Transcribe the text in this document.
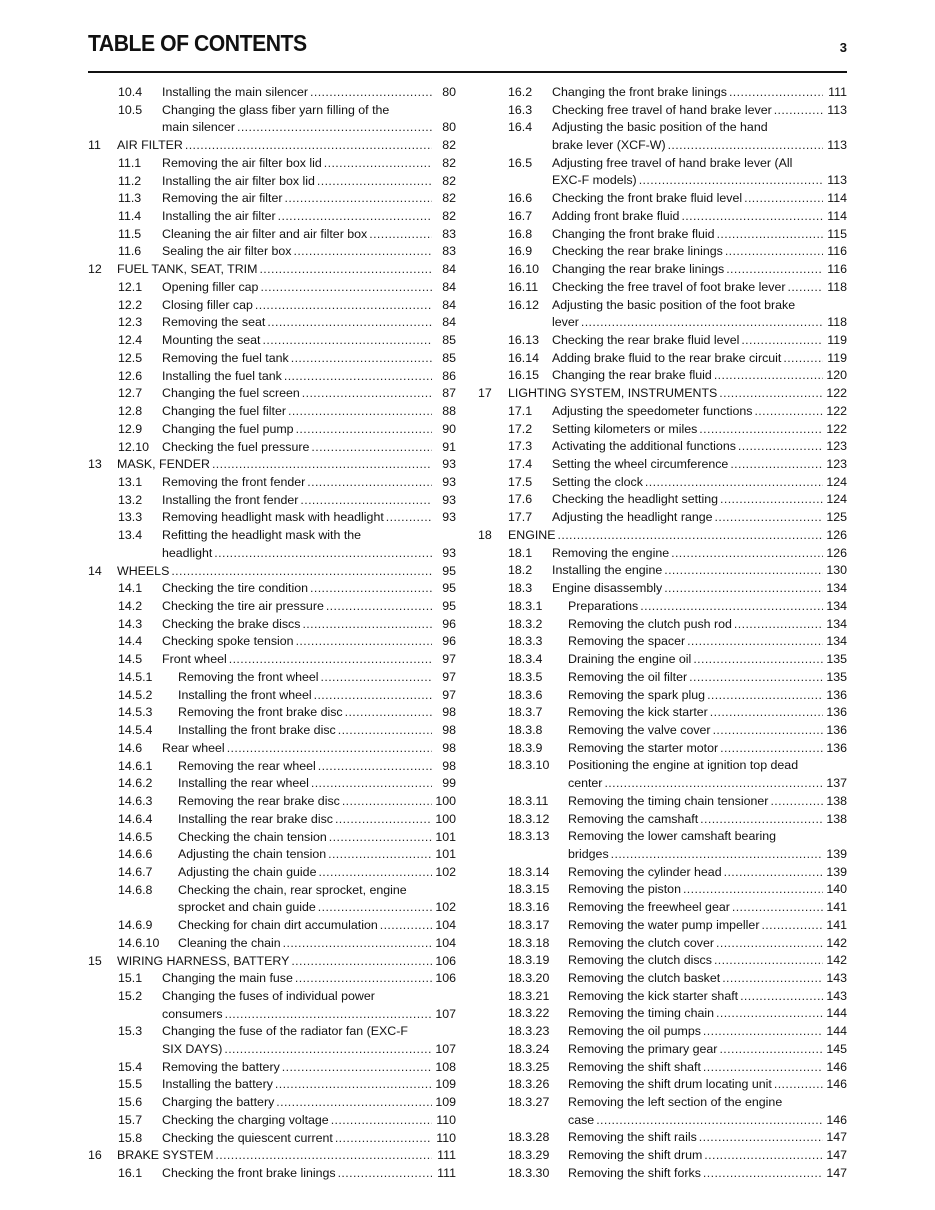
TABLE OF CONTENTS	3
10.4 Installing the main silencer .....	80
10.5 Changing the glass fiber yarn filling of the
main silencer .....	80
11 AIR FILTER .....	82
11.1 Removing the air filter box lid .....	82
11.2 Installing the air filter box lid .....	82
11.3 Removing the air filter .....	82
11.4 Installing the air filter .....	82
11.5 Cleaning the air filter and air filter box .....	83
11.6 Sealing the air filter box .....	83
12 FUEL TANK, SEAT, TRIM .....	84
12.1 Opening filler cap .....	84
12.2 Closing filler cap .....	84
12.3 Removing the seat .....	84
12.4 Mounting the seat .....	85
12.5 Removing the fuel tank .....	85
12.6 Installing the fuel tank .....	86
12.7 Changing the fuel screen .....	87
12.8 Changing the fuel filter .....	88
12.9 Changing the fuel pump .....	90
12.10 Checking the fuel pressure .....	91
13 MASK, FENDER .....	93
13.1 Removing the front fender .....	93
13.2 Installing the front fender .....	93
13.3 Removing headlight mask with headlight .....	93
13.4 Refitting the headlight mask with the
headlight .....	93
14 WHEELS .....	95
14.1 Checking the tire condition .....	95
14.2 Checking the tire air pressure .....	95
14.3 Checking the brake discs .....	96
14.4 Checking spoke tension .....	96
14.5 Front wheel .....	97
14.5.1 Removing the front wheel .....	97
14.5.2 Installing the front wheel .....	97
14.5.3 Removing the front brake disc .....	98
14.5.4 Installing the front brake disc .....	98
14.6 Rear wheel .....	98
14.6.1 Removing the rear wheel .....	98
14.6.2 Installing the rear wheel .....	99
14.6.3 Removing the rear brake disc .....	100
14.6.4 Installing the rear brake disc .....	100
14.6.5 Checking the chain tension .....	101
14.6.6 Adjusting the chain tension .....	101
14.6.7 Adjusting the chain guide .....	102
14.6.8 Checking the chain, rear sprocket, engine
sprocket and chain guide .....	102
14.6.9 Checking for chain dirt accumulation .....	104
14.6.10 Cleaning the chain .....	104
15 WIRING HARNESS, BATTERY .....	106
15.1 Changing the main fuse .....	106
15.2 Changing the fuses of individual power
consumers .....	107
15.3 Changing the fuse of the radiator fan (EXC-F
SIX DAYS) .....	107
15.4 Removing the battery .....	108
15.5 Installing the battery .....	109
15.6 Charging the battery .....	109
15.7 Checking the charging voltage .....	110
15.8 Checking the quiescent current .....	110
16 BRAKE SYSTEM .....	111
16.1 Checking the front brake linings .....	111
16.2 Changing the front brake linings .....	111
16.3 Checking free travel of hand brake lever .....	113
16.4 Adjusting the basic position of the hand
brake lever (XCF-W) .....	113
16.5 Adjusting free travel of hand brake lever (All
EXC-F models) .....	113
16.6 Checking the front brake fluid level .....	114
16.7 Adding front brake fluid .....	114
16.8 Changing the front brake fluid .....	115
16.9 Checking the rear brake linings .....	116
16.10 Changing the rear brake linings .....	116
16.11 Checking the free travel of foot brake lever .....	118
16.12 Adjusting the basic position of the foot brake
lever .....	118
16.13 Checking the rear brake fluid level .....	119
16.14 Adding brake fluid to the rear brake circuit .....	119
16.15 Changing the rear brake fluid .....	120
17 LIGHTING SYSTEM, INSTRUMENTS .....	122
17.1 Adjusting the speedometer functions .....	122
17.2 Setting kilometers or miles .....	122
17.3 Activating the additional functions .....	123
17.4 Setting the wheel circumference .....	123
17.5 Setting the clock .....	124
17.6 Checking the headlight setting .....	124
17.7 Adjusting the headlight range .....	125
18 ENGINE .....	126
18.1 Removing the engine .....	126
18.2 Installing the engine .....	130
18.3 Engine disassembly .....	134
18.3.1 Preparations .....	134
18.3.2 Removing the clutch push rod .....	134
18.3.3 Removing the spacer .....	134
18.3.4 Draining the engine oil .....	135
18.3.5 Removing the oil filter .....	135
18.3.6 Removing the spark plug .....	136
18.3.7 Removing the kick starter .....	136
18.3.8 Removing the valve cover .....	136
18.3.9 Removing the starter motor .....	136
18.3.10 Positioning the engine at ignition top dead
center .....	137
18.3.11 Removing the timing chain tensioner .....	138
18.3.12 Removing the camshaft .....	138
18.3.13 Removing the lower camshaft bearing
bridges .....	139
18.3.14 Removing the cylinder head .....	139
18.3.15 Removing the piston .....	140
18.3.16 Removing the freewheel gear .....	141
18.3.17 Removing the water pump impeller .....	141
18.3.18 Removing the clutch cover .....	142
18.3.19 Removing the clutch discs .....	142
18.3.20 Removing the clutch basket .....	143
18.3.21 Removing the kick starter shaft .....	143
18.3.22 Removing the timing chain .....	144
18.3.23 Removing the oil pumps .....	144
18.3.24 Removing the primary gear .....	145
18.3.25 Removing the shift shaft .....	146
18.3.26 Removing the shift drum locating unit .....	146
18.3.27 Removing the left section of the engine
case .....	146
18.3.28 Removing the shift rails .....	147
18.3.29 Removing the shift drum .....	147
18.3.30 Removing the shift forks .....	147
